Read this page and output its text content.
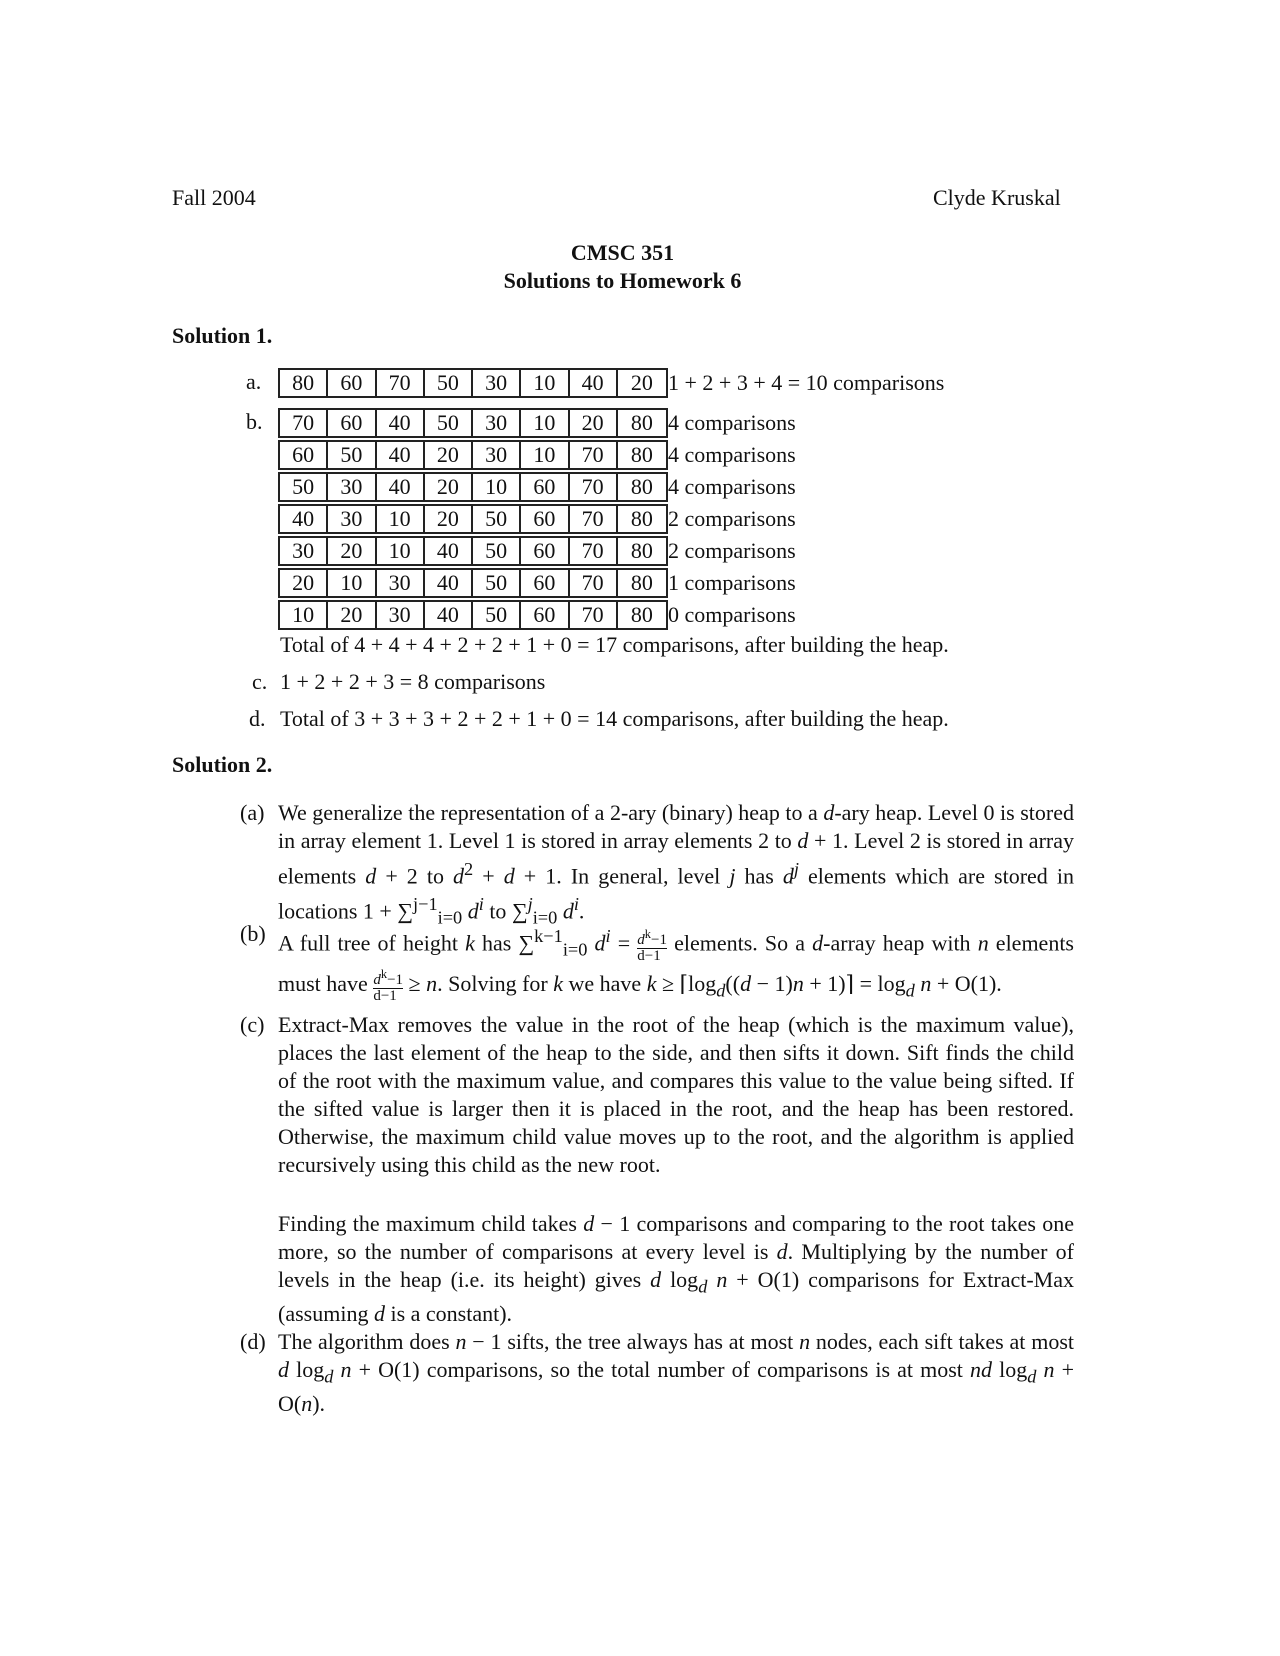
Fall 2004	Clyde Kruskal
CMSC 351
Solutions to Homework 6
Solution 1.
a.	80	60	70	50	30	10	40	20 1 + 2 + 3 + 4 = 10 comparisons
b.	70	60	40	50	30	10	20	80 4 comparisons
60	50	40	20	30	10	70	80 4 comparisons
50	30	40	20	10	60	70	80 4 comparisons
40	30	10	20	50	60	70	80 2 comparisons
30	20	10	40	50	60	70	80 2 comparisons
20	10	30	40	50	60	70	80 1 comparisons
10	20	30	40	50	60	70	80 0 comparisons
Total of 4 + 4 + 4 + 2 + 2 + 1 + 0 = 17 comparisons, after building the heap.
c. 1 + 2 + 2 + 3 = 8 comparisons
d. Total of 3 + 3 + 3 + 2 + 2 + 1 + 0 = 14 comparisons, after building the heap.
Solution 2.
(a) We generalize the representation of a 2-ary (binary) heap to a d-ary heap. Level 0 is stored in array element 1. Level 1 is stored in array elements 2 to d + 1. Level 2 is stored in array elements d + 2 to $d^2 + d + 1$. In general, level j has $d^j$ elements which are stored in locations 1 + ∑$^{j-1}_{i=0}$ $d^i$ to ∑$^j_{i=0}$ $d^i$.
(b) A full tree of height k has ∑$^{k-1}_{i=0}$ $d^i = \frac{d^k-1}{d-1}$ elements. So a d-array heap with n elements must have $\frac{d^k-1}{d-1} \ge n$. Solving for k we have $k \ge ⌈\log_d((d - 1)n$ + 1)⌉ = $\log_d n + O(1)$.
(c) Extract-Max removes the value in the root of the heap (which is the maximum value), places the last element of the heap to the side, and then sifts it down. Sift finds the child of the root with the maximum value, and compares this value to the value being sifted. If the sifted value is larger then it is placed in the root, and the heap has been restored. Otherwise, the maximum child value moves up to the root, and the algorithm is applied recursively using this child as the new root.
Finding the maximum child takes d − 1 comparisons and comparing to the root takes one more, so the number of comparisons at every level is d. Multiplying by the number of levels in the heap (i.e. its height) gives d $\log_d n + O(1)$ comparisons for Extract-Max (assuming d is a constant).
(d) The algorithm does n − 1 sifts, the tree always has at most n nodes, each sift takes at most d $\log_d n + O(1)$ comparisons, so the total number of comparisons is at most nd $\log_d n + O(n)$.
